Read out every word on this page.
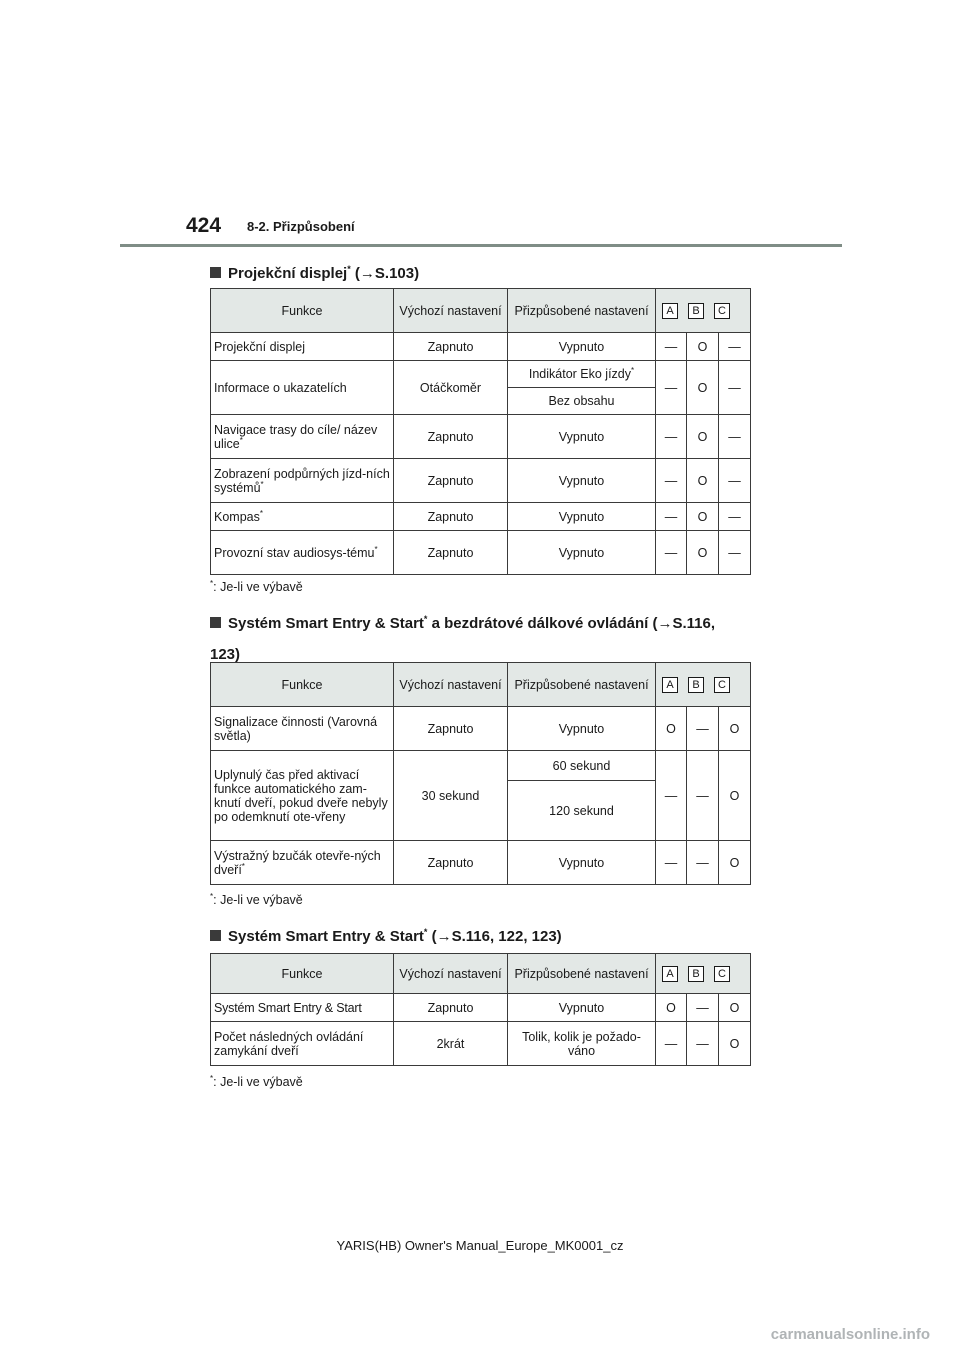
424 8-2. Přizpůsobení
Projekční displej* (→S.103)
Funkce	Výchozí nastavení	Přizpůsobené nastavení	A B C		
Projekční displej	Zapnuto	Vypnuto	—	O	—
Informace o ukazatelích	Otáčkoměr	Indikátor Eko jízdy*	—	O	—
		Bez obsahu			
Navigace trasy do cíle/ název ulice*	Zapnuto	Vypnuto	—	O	—
Zobrazení podpůrných jízd-ních systémů*	Zapnuto	Vypnuto	—	O	—
Kompas*	Zapnuto	Vypnuto	—	O	—
Provozní stav audiosys-tému*	Zapnuto	Vypnuto	—	O	—
*: Je-li ve výbavě
Systém Smart Entry & Start* a bezdrátové dálkové ovládání (→S.116,
123)
Funkce	Výchozí nastavení	Přizpůsobené nastavení	A B C		
Signalizace činnosti (Varovná světla)	Zapnuto	Vypnuto	O	—	O
Uplynulý čas před aktivací funkce automatického zam-knutí dveří, pokud dveře nebyly po odemknutí ote-vřeny	30 sekund	60 sekund	—	—	O
		120 sekund			
Výstražný bzučák otevře-ných dveří*	Zapnuto	Vypnuto	—	—	O
*: Je-li ve výbavě
Systém Smart Entry & Start* (→S.116, 122, 123)
Funkce	Výchozí nastavení	Přizpůsobené nastavení	A B C		
Systém Smart Entry & Start	Zapnuto	Vypnuto	O	—	O
Počet následných ovládání zamykání dveří	2krát	Tolik, kolik je požado-váno	—	—	O
*: Je-li ve výbavě
YARIS(HB) Owner's Manual_Europe_MK0001_cz
carmanualsonline.info
